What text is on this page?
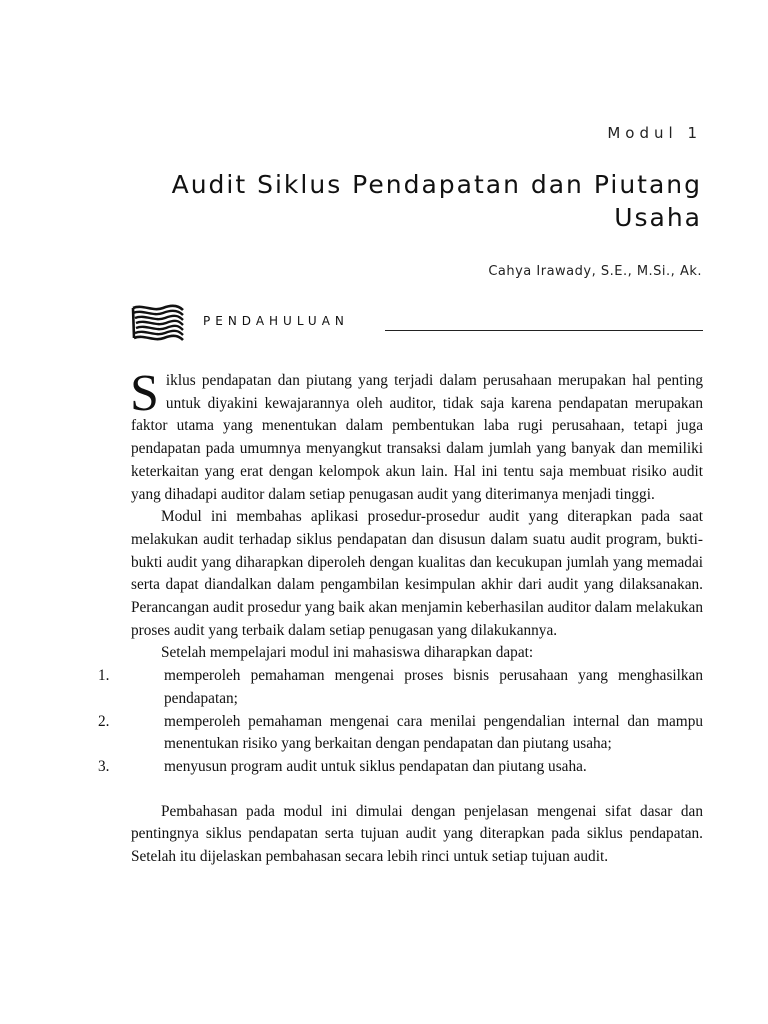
Modul 1
Audit Siklus Pendapatan dan Piutang Usaha
Cahya Irawady, S.E., M.Si., Ak.
PENDAHULUAN

Siklus pendapatan dan piutang yang terjadi dalam perusahaan merupakan hal penting untuk diyakini kewajarannya oleh auditor, tidak saja karena pendapatan merupakan faktor utama yang menentukan dalam pembentukan laba rugi perusahaan, tetapi juga pendapatan pada umumnya menyangkut transaksi dalam jumlah yang banyak dan memiliki keterkaitan yang erat dengan kelompok akun lain. Hal ini tentu saja membuat risiko audit yang dihadapi auditor dalam setiap penugasan audit yang diterimanya menjadi tinggi.

Modul ini membahas aplikasi prosedur-prosedur audit yang diterapkan pada saat melakukan audit terhadap siklus pendapatan dan disusun dalam suatu audit program, bukti-bukti audit yang diharapkan diperoleh dengan kualitas dan kecukupan jumlah yang memadai serta dapat diandalkan dalam pengambilan kesimpulan akhir dari audit yang dilaksanakan. Perancangan audit prosedur yang baik akan menjamin keberhasilan auditor dalam melakukan proses audit yang terbaik dalam setiap penugasan yang dilakukannya.

Setelah mempelajari modul ini mahasiswa diharapkan dapat:

1.	memperoleh pemahaman mengenai proses bisnis perusahaan yang menghasilkan pendapatan;
2.	memperoleh pemahaman mengenai cara menilai pengendalian internal dan mampu menentukan risiko yang berkaitan dengan pendapatan dan piutang usaha;
3.	menyusun program audit untuk siklus pendapatan dan piutang usaha.

Pembahasan pada modul ini dimulai dengan penjelasan mengenai sifat dasar dan pentingnya siklus pendapatan serta tujuan audit yang diterapkan pada siklus pendapatan. Setelah itu dijelaskan pembahasan secara lebih rinci untuk setiap tujuan audit.
